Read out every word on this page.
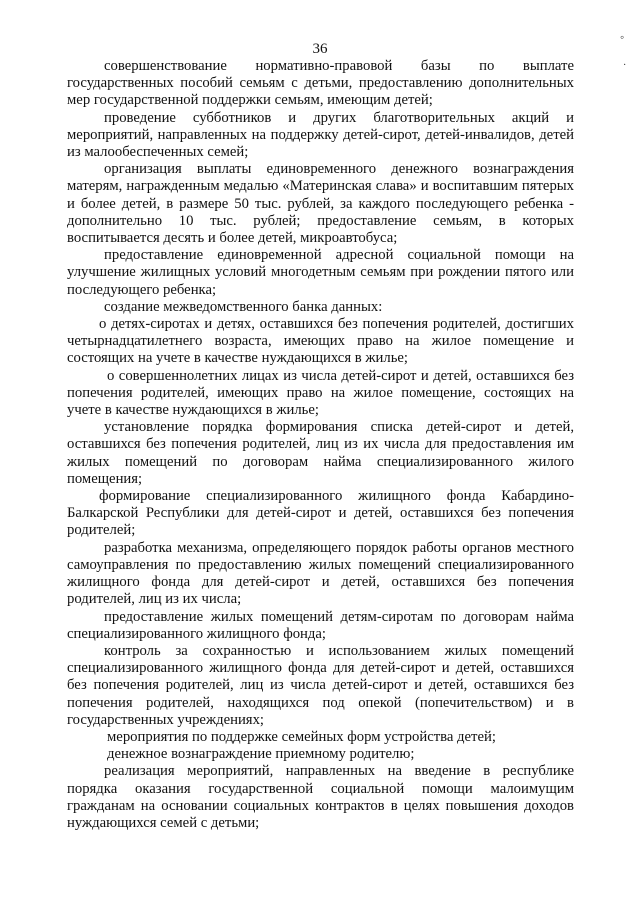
◦
·
36

совершенствование нормативно-правовой базы по выплате государственных пособий семьям с детьми, предоставлению дополнительных мер государственной поддержки семьям, имеющим детей;

проведение субботников и других благотворительных акций и мероприятий, направленных на поддержку детей-сирот, детей-инвалидов, детей из малообеспеченных семей;

организация выплаты единовременного денежного вознаграждения матерям, награжденным медалью «Материнская слава» и воспитавшим пятерых и более детей, в размере 50 тыс. рублей, за каждого последующего ребенка - дополнительно 10 тыс. рублей; предоставление семьям, в которых воспитывается десять и более детей, микроавтобуса;

предоставление единовременной адресной социальной помощи на улучшение жилищных условий многодетным семьям при рождении пятого или последующего ребенка;

создание межведомственного банка данных:

о детях-сиротах и детях, оставшихся без попечения родителей, достигших четырнадцатилетнего возраста, имеющих право на жилое помещение и состоящих на учете в качестве нуждающихся в жилье;

о совершеннолетних лицах из числа детей-сирот и детей, оставшихся без попечения родителей, имеющих право на жилое помещение, состоящих на учете в качестве нуждающихся в жилье;

установление порядка формирования списка детей-сирот и детей, оставшихся без попечения родителей, лиц из их числа для предоставления им жилых помещений по договорам найма специализированного жилого помещения;

формирование специализированного жилищного фонда Кабардино-Балкарской Республики для детей-сирот и детей, оставшихся без попечения родителей;

разработка механизма, определяющего порядок работы органов местного самоуправления по предоставлению жилых помещений специализированного жилищного фонда для детей-сирот и детей, оставшихся без попечения родителей, лиц из их числа;

предоставление жилых помещений детям-сиротам по договорам найма специализированного жилищного фонда;

контроль за сохранностью и использованием жилых помещений специализированного жилищного фонда для детей-сирот и детей, оставшихся без попечения родителей, лиц из числа детей-сирот и детей, оставшихся без попечения родителей, находящихся под опекой (попечительством) и в государственных учреждениях;

мероприятия по поддержке семейных форм устройства детей;

денежное вознаграждение приемному родителю;

реализация мероприятий, направленных на введение в республике порядка оказания государственной социальной помощи малоимущим гражданам на основании социальных контрактов в целях повышения доходов нуждающихся семей с детьми;
